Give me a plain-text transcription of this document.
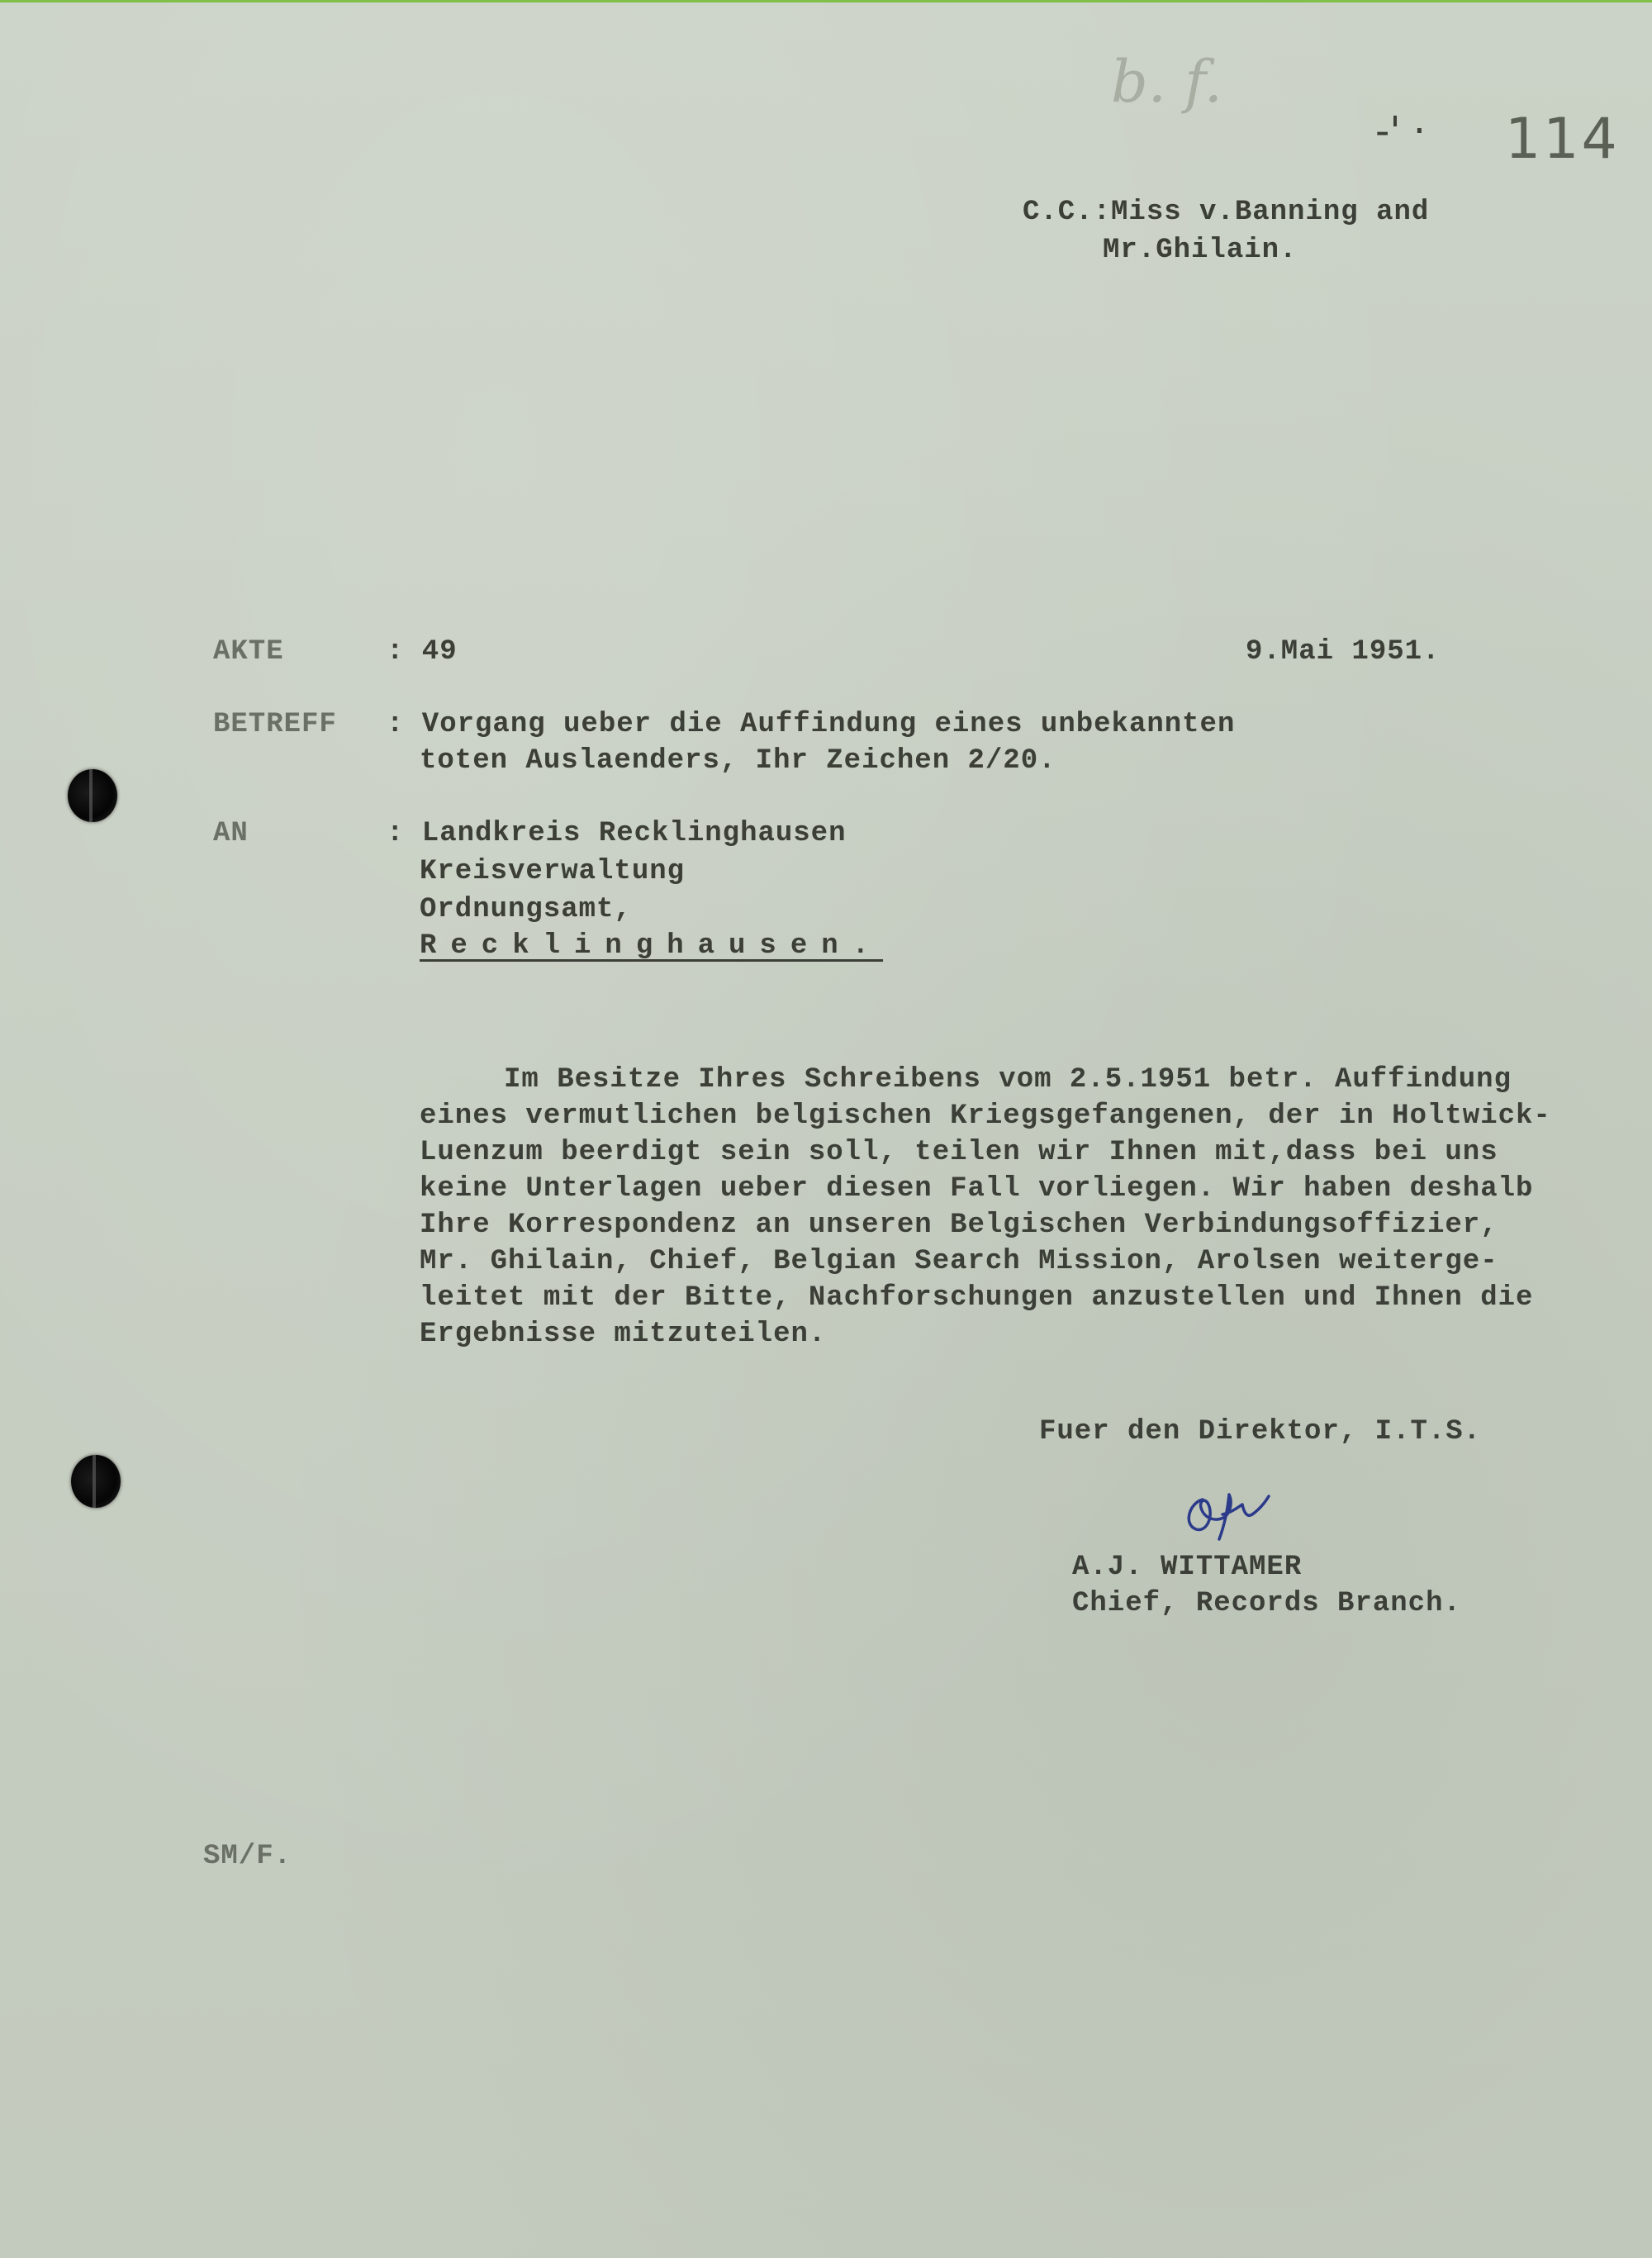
b. f.
-' · 114
C.C.:Miss v.Banning and
Mr.Ghilain.
AKTE	: 49	9.Mai 1951.
BETREFF : Vorgang ueber die Auffindung eines unbekannten
toten Auslaenders, Ihr Zeichen 2/20.
AN	: Landkreis Recklinghausen
Kreisverwaltung
Ordnungsamt,
Recklinghausen.
Im Besitze Ihres Schreibens vom 2.5.1951 betr. Auffindung
eines vermutlichen belgischen Kriegsgefangenen, der in Holtwick-
Luenzum beerdigt sein soll, teilen wir Ihnen mit,dass bei uns
keine Unterlagen ueber diesen Fall vorliegen. Wir haben deshalb
Ihre Korrespondenz an unseren Belgischen Verbindungsoffizier,
Mr. Ghilain, Chief, Belgian Search Mission, Arolsen weiterge-
leitet mit der Bitte, Nachforschungen anzustellen und Ihnen die
Ergebnisse mitzuteilen.
Fuer den Direktor, I.T.S.
A.J. WITTAMER
Chief, Records Branch.
SM/F.
